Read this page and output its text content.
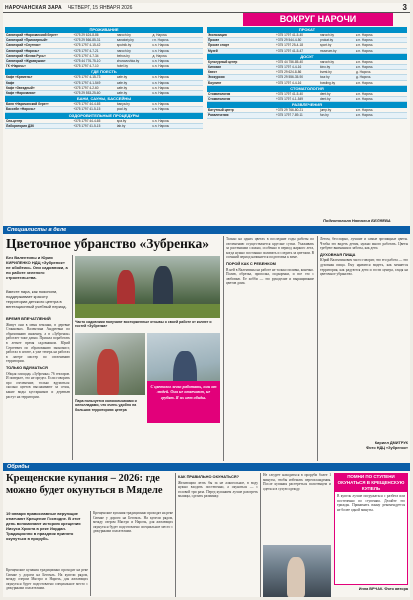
НАРОЧАНСКАЯ ЗАРА ЧЕТВЕРГ, 15 ЯНВАРЯ 2026	3
ВОКРУГ НАРОЧИ
ПРОЖИВАНИЕ
Санаторий «Нарочанский берег»	+375 29 624-8-86	naroch.by	д. Нарочь
Санаторий «Приозерный»	+375 29 566-85-31	sanatoriy.by	г.п. Нарочь
Санаторий «Спутник»	+375 1797 4-15-42	sputnik.by	к.п. Нарочь
Санаторий «Нарочь»	+375 1797 4-7-21	naroch.by	к.п. Нарочь
Санаторий «Белая Русь»	+375 1797 4-7-34	belrus.by	д. Нарочь
Санаторий «Журавушка»	+375 44 776-75-10	zhuravushka.by	к.п. Нарочь
ГК «Нарочь»	+375 1797 4-7-10	hotel.by	к.п. Нарочь
ГДЕ ПОЕСТЬ
Кафе «Кремень»	+375 1797 4-15-73	cafe.by	к.п. Нарочь
Кафе	+375 1797 4-1-549	cafe.by	к.п. Нарочь
Кафе «Звездный»	+375 1797 4-2-60	cafe.by	к.п. Нарочь
Кафе «Нарочанка»	+375 29 553-25-60	cafe.by	к.п. Нарочь
БАНИ, САУНЫ, БАССЕЙНЫ
Баня «Нарочанский берег»	+375 1797 44-4-65	banya.by	к.п. Нарочь
Бассейн «Нарочь»	+375 1797 41-5-15	pool.by	к.п. Нарочь
ОЗДОРОВИТЕЛЬНЫЕ ПРОЦЕДУРЫ
Спа-центр	+375 1797 44-4-65	spa.by	к.п. Нарочь
Лаборатория ДЗК	+375 1797 41-5-15	lab.by	к.п. Нарочь
ПРОКАТ
Экспозиция	+375 1797 41-5-40	naroch.by	к.п. Нарочь
Прокат	+375 29 544-4-50	prokat.by	к.п. Нарочь
Прокат спорт	+375 1797 25-4-18	sport.by	к.п. Нарочь
Музей	+375 1797 41-5-47	museum.by	к.п. Нарочь
ДОСУГ
Культурный центр	+375 44 756-85-40	naroch.by	к.п. Нарочь
Кинозал	+375 1797 4-4-16	kino.by	к.п. Нарочь
Квест	+375 29 624-8-86	kvest.by	д. Нарочь
Экскурсии	+375 29 556-35-90	tour.by	д. Нарочь
Боулинг	+375 1797 4-4-16	bowling.by	к.п. Нарочь
СТОМАТОЛОГИЯ
Стоматология	+375 1797 41-5-40	dent.by	к.п. Нарочь
Стоматология	+375 1797 4-1-549	dent.by	к.п. Нарочь
РАЗВЛЕЧЕНИЯ
Батутный центр	+375 29 766-80-21	jump.by	к.п. Нарочь
Развлечения	+375 1797 7-89-11	fun.by	к.п. Нарочь
Подготовила Наталья БЕЛЯЕВА
Специалисты в деле
Цветочное убранство «Зубренка»
Без Валентины и Юрия КИРИЛЕНКО НДЦ «Зубренок» не обойтись. Они садовники, а по работе зеленого строительства.
Вместе пара, как пояснили, поддерживает красоту территории детского центра в вегетационный учебный период.
ВРЕМЯ ВПЕЧАТЛЕНИЙ
Живут они в меня земляки, в деревне Станковых. Валентина Андреевна по образованию инженер, а в «Зубренок» работает тоже давно. Пришла поработать в летнее время садовником. Юрий Сергеевич по образованию экономист, работал в штате, а уже теперь на работах в лагере мастер по озеленению территории.
ТОЛЬКО ВДУМАТЬСЯ
Общая площадь «Зубренка» 76 гектаров. И поверьте, это не предел. Если говорить про озеленение, только вдуматься: сколько цветов высаживают за сезон, какие виды кустарников и деревьев растут на территории.
Часто садовники получают восторженные отзывы о своей работе от коллег и гостей «Зубренка»
Пара пользуется колокольчиками и олеолладами, что очень удобно на больших территориях центра
С цветами легко работать, они от людей. Они не отвечают, не грубят. Я их нет обиды.
Только на одних цветах в последние годы работы по озеленению осуществляется круглые сутки. Ухаживать за растениями сложно, особенно в период жаркого лета, когда нужно постоянно поливать и следить за цветами. В осенний период начинается подготовка к зиме.
ПОРОЙ КАК С РЕБЕНКОМ
В ней в Валентины на работе не только поливы, конечно. Полив, обрезка, прополка, подкормки, и все это с любовью. Ее хобби — это рукоделие и выращивание цветов дома.
Летом, бесспорно, лучшие и самые зрелищные цветы. Чтобы это видеть детям, нужно много работать. Цветы требуют внимания и заботы, как дети.
ДУХОВНАЯ ПИЩА
Юрий Валентинович часто говорит, что его работа — это духовная пища. Ему нравится видеть, как меняется территория, как радуются дети и гости центра, глядя на цветочное убранство.
Кирилл ДМИТРУК
Фото НДЦ «Зубренок»
Обряды
Крещенские купания – 2026: где можно будет окунуться в Мяделе
19 января православные верующие отмечают Крещение Господне. В этот день вспоминают историю крещения Иисуса Христа в реке Иордан. Традиционно в праздник принято окунуться в прорубь.
Крещенские купания традиционно проходят на реке Свенке у дороги на Бегомль. На купели рядом, между озером Мястро и Нарочь, для желающих окунуться будет подготовлено специальное место с дежурными спасателями.
Крещенские купания традиционно проходят на реке Свенке у дороги на Бегомль. На купели рядом, между озером Мястро и Нарочь, для желающих окунуться будет подготовлено специальное место с дежурными спасателями.
КАК ПРАВИЛЬНО ОКУНАТЬСЯ?
Желающим лезть бы за не алкогольное, в воду нужно входить постепенно, а окунаться — с головой три раза. Перед купанием лучше разогреть мышцы, сделать разминку.
Не следует находиться в проруби более 1 минуты, чтобы избежать переохлаждения. После купания растереться полотенцем и одеться в сухую одежду.
ПОМНИ ПО СТУПЕНИ ОКУНАТЬСЯ В КРЕЩЕНСКУЮ КУПЕЛЬ
В купель лучше погружаться с разбега или постепенно по ступеням. Делайте это трижды. Принимать ванну рекомендуется не более одной минуты.
Инна ВРЧАК. Фото автора
